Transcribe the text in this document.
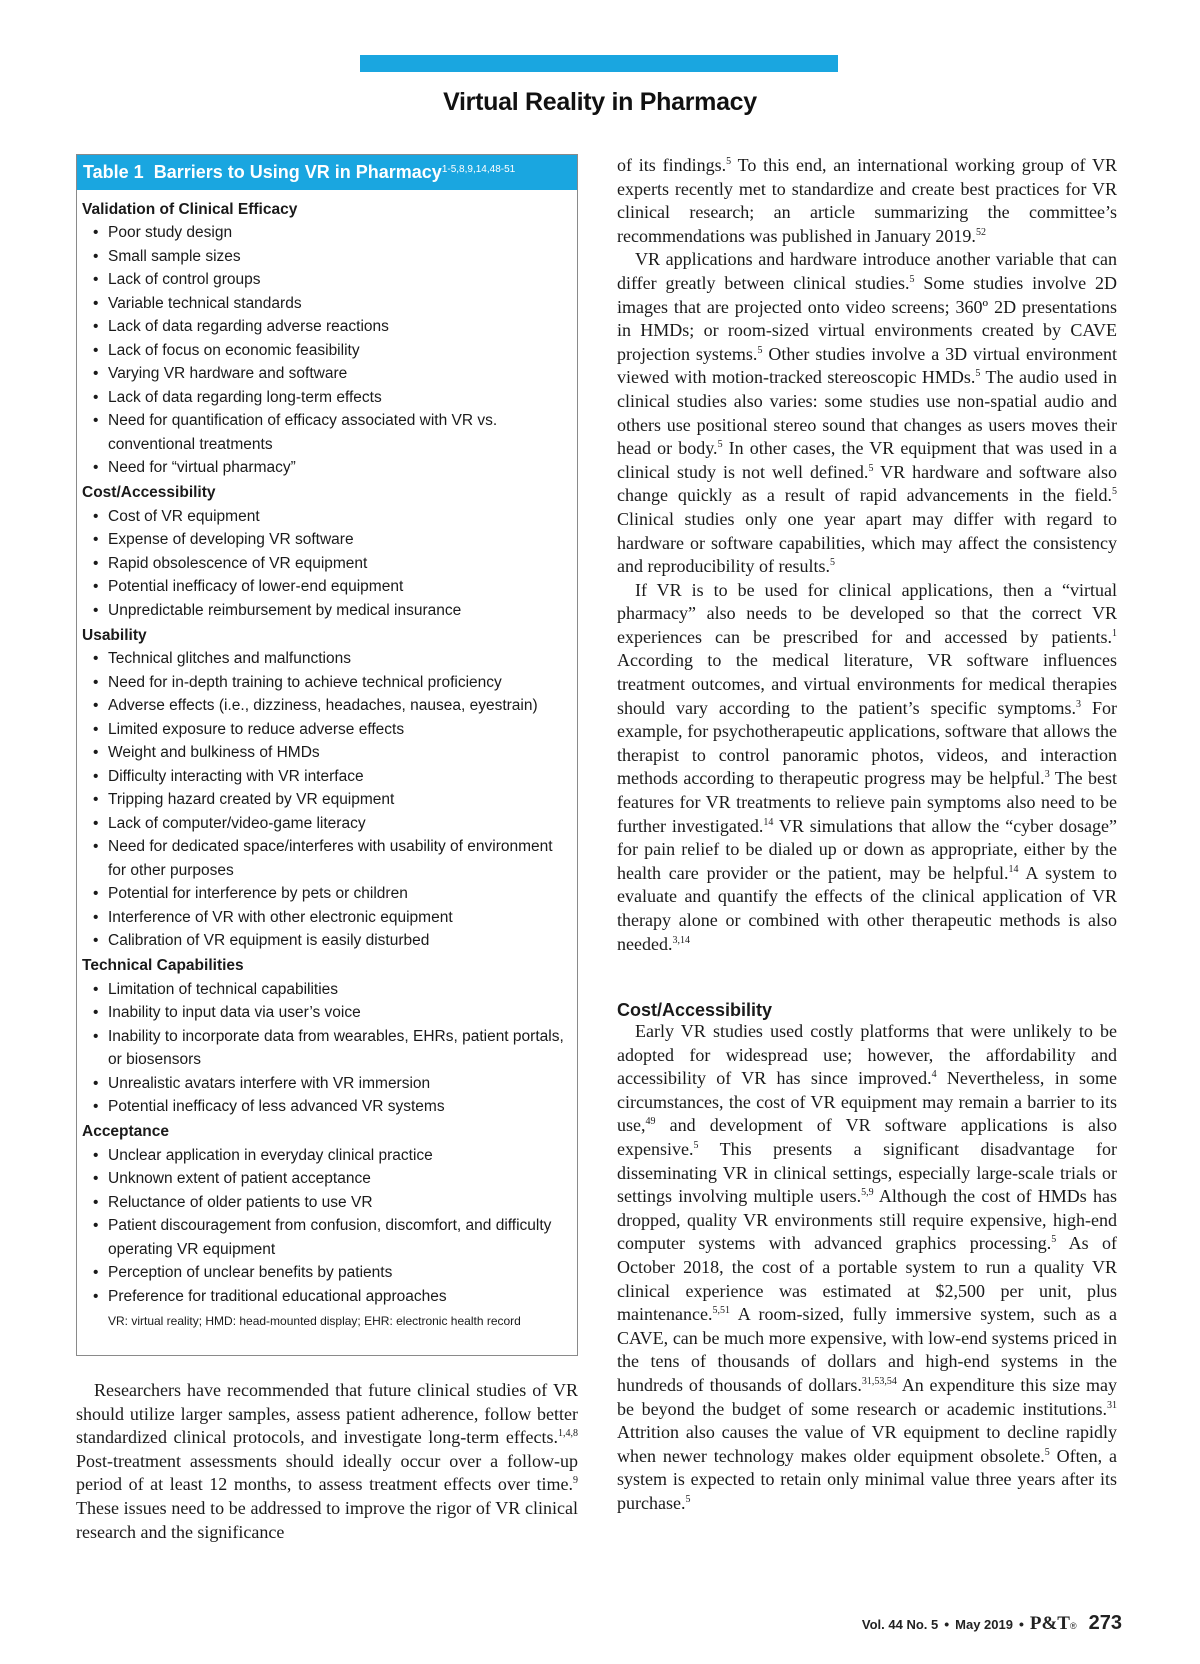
Virtual Reality in Pharmacy
Table 1 Barriers to Using VR in Pharmacy$^{1-5,8,9,14,48-51}$
Validation of Clinical Efficacy
• Poor study design
• Small sample sizes
• Lack of control groups
• Variable technical standards
• Lack of data regarding adverse reactions
• Lack of focus on economic feasibility
• Varying VR hardware and software
• Lack of data regarding long-term effects
• Need for quantification of efficacy associated with VR vs. conventional treatments
• Need for “virtual pharmacy”
Cost/Accessibility
• Cost of VR equipment
• Expense of developing VR software
• Rapid obsolescence of VR equipment
• Potential inefficacy of lower-end equipment
• Unpredictable reimbursement by medical insurance
Usability
• Technical glitches and malfunctions
• Need for in-depth training to achieve technical proficiency
• Adverse effects (i.e., dizziness, headaches, nausea, eyestrain)
• Limited exposure to reduce adverse effects
• Weight and bulkiness of HMDs
• Difficulty interacting with VR interface
• Tripping hazard created by VR equipment
• Lack of computer/video-game literacy
• Need for dedicated space/interferes with usability of environment for other purposes
• Potential for interference by pets or children
• Interference of VR with other electronic equipment
• Calibration of VR equipment is easily disturbed
Technical Capabilities
• Limitation of technical capabilities
• Inability to input data via user’s voice
• Inability to incorporate data from wearables, EHRs, patient portals, or biosensors
• Unrealistic avatars interfere with VR immersion
• Potential inefficacy of less advanced VR systems
Acceptance
• Unclear application in everyday clinical practice
• Unknown extent of patient acceptance
• Reluctance of older patients to use VR
• Patient discouragement from confusion, discomfort, and difficulty operating VR equipment
• Perception of unclear benefits by patients
• Preference for traditional educational approaches
VR: virtual reality; HMD: head-mounted display; EHR: electronic health record

Researchers have recommended that future clinical studies of VR should utilize larger samples, assess patient adherence, follow better standardized clinical protocols, and investigate long-term effects.$^{1,4,8}$ Post-treatment assessments should ideally occur over a follow-up period of at least 12 months, to assess treatment effects over time.$^9$ These issues need to be addressed to improve the rigor of VR clinical research and the significance

of its findings.$^5$ To this end, an international working group of VR experts recently met to standardize and create best practices for VR clinical research; an article summarizing the committee’s recommendations was published in January 2019.52

VR applications and hardware introduce another variable that can differ greatly between clinical studies.$^5$ Some studies involve 2D images that are projected onto video screens; 360º 2D presentations in HMDs; or room-sized virtual environments created by CAVE projection systems.$^5$ Other studies involve a 3D virtual environment viewed with motion-tracked stereoscopic HMDs.$^5$ The audio used in clinical studies also varies: some studies use non-spatial audio and others use positional stereo sound that changes as users moves their head or body.$^5$ In other cases, the VR equipment that was used in a clinical study is not well defined.$^5$ VR hardware and software also change quickly as a result of rapid advancements in the field.$^5$ Clinical studies only one year apart may differ with regard to hardware or software capabilities, which may affect the consistency and reproducibility of results.$^5$

If VR is to be used for clinical applications, then a “virtual pharmacy” also needs to be developed so that the correct VR experiences can be prescribed for and accessed by patients.$^1$ According to the medical literature, VR software influences treatment outcomes, and virtual environments for medical therapies should vary according to the patient’s specific symptoms.$^3$ For example, for psychotherapeutic applications, software that allows the therapist to control panoramic photos, videos, and interaction methods according to therapeutic progress may be helpful.$^3$ The best features for VR treatments to relieve pain symptoms also need to be further investigated.$^{14}$ VR simulations that allow the “cyber dosage” for pain relief to be dialed up or down as appropriate, either by the health care provider or the patient, may be helpful.$^{14}$ A system to evaluate and quantify the effects of the clinical application of VR therapy alone or combined with other therapeutic methods is also needed.$^{3,14}$

Cost/Accessibility

Early VR studies used costly platforms that were unlikely to be adopted for widespread use; however, the affordability and accessibility of VR has since improved.$^4$ Nevertheless, in some circumstances, the cost of VR equipment may remain a barrier to its use,$^{49}$ and development of VR software applications is also expensive.$^5$ This presents a significant disadvantage for disseminating VR in clinical settings, especially large-scale trials or settings involving multiple users.$^{5,9}$ Although the cost of HMDs has dropped, quality VR environments still require expensive, high-end computer systems with advanced graphics processing.$^5$ As of October 2018, the cost of a portable system to run a quality VR clinical experience was estimated at $2,500 per unit, plus maintenance.$^{5,51}$ A room-sized, fully immersive system, such as a CAVE, can be much more expensive, with low-end systems priced in the tens of thousands of dollars and high-end systems in the hundreds of thousands of dollars.$^{31,53,54}$ An expenditure this size may be beyond the budget of some research or academic institutions.$^{31}$ Attrition also causes the value of VR equipment to decline rapidly when newer technology makes older equipment obsolete.$^5$ Often, a system is expected to retain only minimal value three years after its purchase.$^5$

Vol. 44 No. 5 • May 2019 • P&T® 273
